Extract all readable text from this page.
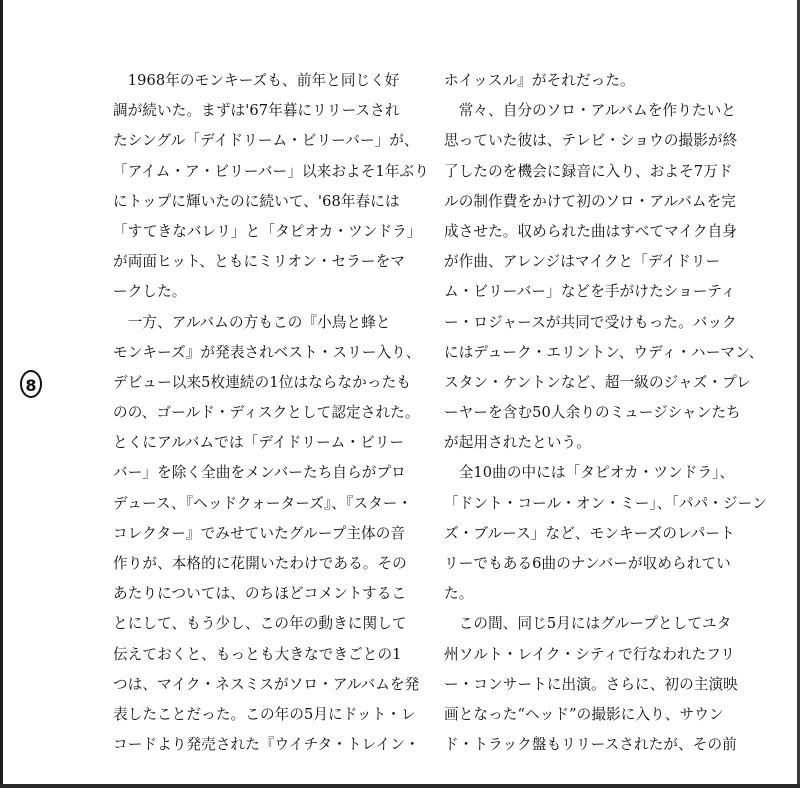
　1968年のモンキーズも、前年と同じく好
調が続いた。まずは'67年暮にリリースされ
たシングル「デイドリーム・ビリーバー」が、
「アイム・ア・ビリーバー」以来およそ1年ぶり
にトップに輝いたのに続いて、'68年春には
「すてきなバレリ」と「タピオカ・ツンドラ」
が両面ヒット、ともにミリオン・セラーをマ
ークした。
　一方、アルバムの方もこの『小鳥と蜂と
モンキーズ』が発表されベスト・スリー入り、
デビュー以来5枚連続の1位はならなかったも
のの、ゴールド・ディスクとして認定された。
とくにアルバムでは「デイドリーム・ビリー
バー」を除く全曲をメンバーたち自らがプロ
デュース、『ヘッドクォーターズ』、『スター・
コレクター』でみせていたグループ主体の音
作りが、本格的に花開いたわけである。その
あたりについては、のちほどコメントするこ
とにして、もう少し、この年の動きに関して
伝えておくと、もっとも大きなできごとの1
つは、マイク・ネスミスがソロ・アルバムを発
表したことだった。この年の5月にドット・レ
コードより発売された『ウイチタ・トレイン・
ホイッスル』がそれだった。
　常々、自分のソロ・アルバムを作りたいと
思っていた彼は、テレビ・ショウの撮影が終
了したのを機会に録音に入り、およそ7万ド
ルの制作費をかけて初のソロ・アルバムを完
成させた。収められた曲はすべてマイク自身
が作曲、アレンジはマイクと「デイドリー
ム・ビリーバー」などを手がけたショーティ
ー・ロジャースが共同で受けもった。バック
にはデューク・エリントン、ウディ・ハーマン、
スタン・ケントンなど、超一級のジャズ・プレ
ーヤーを含む50人余りのミュージシャンたち
が起用されたという。
　全10曲の中には「タピオカ・ツンドラ」、
「ドント・コール・オン・ミー」、「パパ・ジーン
ズ・ブルース」など、モンキーズのレパート
リーでもある6曲のナンバーが収められてい
た。
　この間、同じ5月にはグループとしてユタ
州ソルト・レイク・シティで行なわれたフリ
ー・コンサートに出演。さらに、初の主演映
画となった“ヘッド”の撮影に入り、サウン
ド・トラック盤もリリースされたが、その前
8
